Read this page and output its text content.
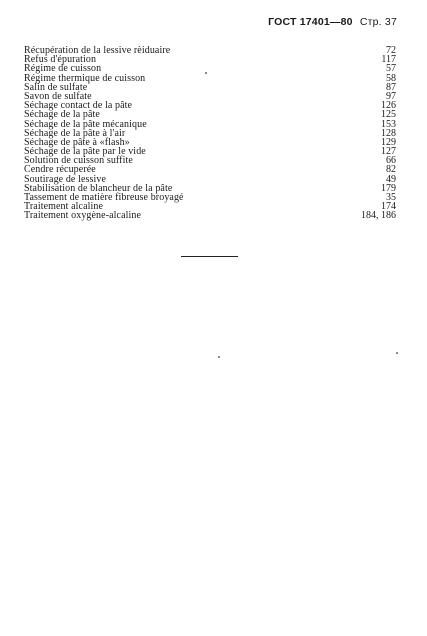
ГОСТ 17401—80 Стр. 37
Récupération de la lessive rèiduaire	72
Refus d'épuration	117
Régime de cuisson	57
Régime thermique de cuisson	58
Salin de sulfate	87
Savon de sulfate	97
Séchage contact de la pâte	126
Séchage de la pâte	125
Séchage de la pâte mécanique	153
Séchage de la pâte à l'air	128
Séchage de pâte à «flash»	129
Séchage de la pâte par le vide	127
Solution de cuisson suffite	66
Cendre récuperée	82
Soutirage de lessive	49
Stabilisation de blancheur de la pâte	179
Tassement de matière fibreuse broyagé	35
Traitement alcaline	174
Traitement oxygène-alcaline	184, 186
